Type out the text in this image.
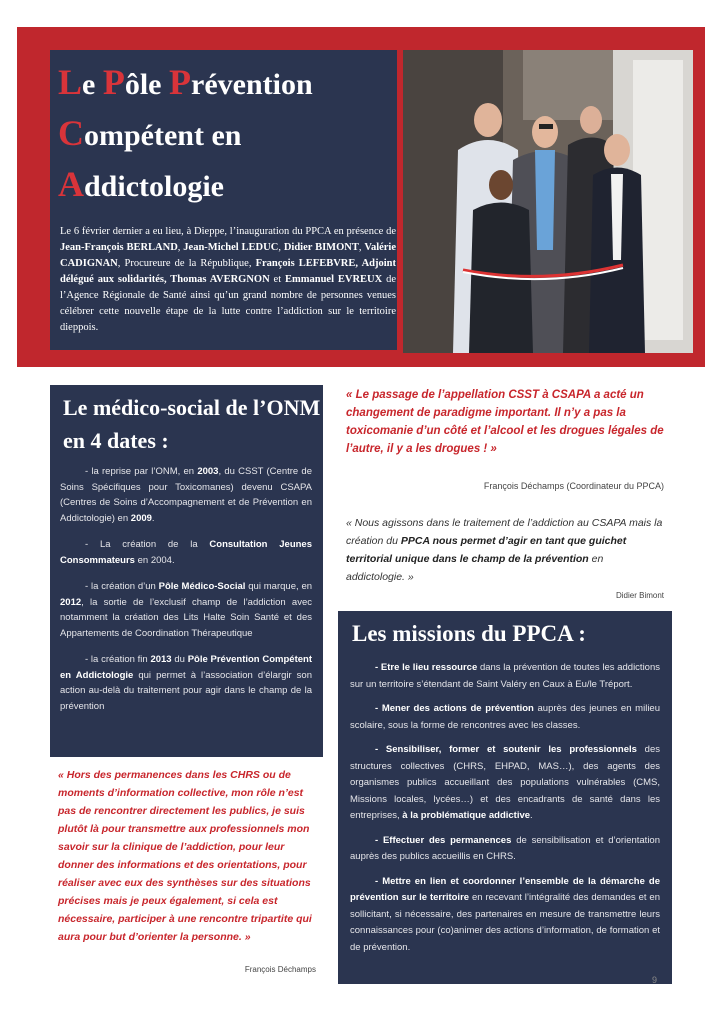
Le Pôle Prévention
Compétent en
Addictologie
Le 6 février dernier a eu lieu, à Dieppe, l’inauguration du PPCA en présence de Jean-François BERLAND, Jean-Michel LEDUC, Didier BIMONT, Valérie CADIGNAN, Procureure de la République, François LEFEBVRE, Adjoint délégué aux solidarités, Thomas AVERGNON et Emmanuel EVREUX de l’Agence Régionale de Santé ainsi qu’un grand nombre de personnes venues célébrer cette nouvelle étape de la lutte contre l’addiction sur le territoire dieppois.
Le médico-social de l’ONM en 4 dates :

- la reprise par l’ONM, en 2003, du CSST (Centre de Soins Spécifiques pour Toxicomanes) devenu CSAPA (Centres de Soins d’Accompagnement et de Prévention en Addictologie) en 2009.

- La création de la Consultation Jeunes Consommateurs en 2004.

- la création d’un Pôle Médico-Social qui marque, en 2012, la sortie de l’exclusif champ de l’addiction avec notamment la création des Lits Halte Soin Santé et des Appartements de Coordination Thérapeutique

- la création fin 2013 du Pôle Prévention Compétent en Addictologie qui permet à l’association d’élargir son action au-delà du traitement pour agir dans le champ de la prévention

« Le passage de l’appellation CSST à CSAPA a acté un changement de paradigme important. Il n’y a pas la toxicomanie d’un côté et l’alcool et les drogues légales de l’autre, il y a les drogues ! »
François Déchamps (Coordinateur du PPCA)
« Nous agissons dans le traitement de l’addiction au CSAPA mais la création du PPCA nous permet d’agir en tant que guichet territorial unique dans le champ de la prévention en addictologie. »
Didier Bimont
Les missions du PPCA :

- Etre le lieu ressource dans la prévention de toutes les addictions sur un territoire s’étendant de Saint Valéry en Caux à Eu/le Tréport.

- Mener des actions de prévention auprès des jeunes en milieu scolaire, sous la forme de rencontres avec les classes.

- Sensibiliser, former et soutenir les professionnels des structures collectives (CHRS, EHPAD, MAS…), des agents des organismes publics accueillant des populations vulnérables (CMS, Missions locales, lycées…) et des encadrants de santé dans les entreprises, à la problématique addictive.

- Effectuer des permanences de sensibilisation et d’orientation auprès des publics accueillis en CHRS.

- Mettre en lien et coordonner l’ensemble de la démarche de prévention sur le territoire en recevant l’intégralité des demandes et en sollicitant, si nécessaire, des partenaires en mesure de transmettre leurs connaissances pour (co)animer des actions d’information, de formation et de prévention.

« Hors des permanences dans les CHRS ou de moments d’information collective, mon rôle n’est pas de rencontrer directement les publics, je suis plutôt là pour transmettre aux professionnels mon savoir sur la clinique de l’addiction, pour leur donner des informations et des orientations, pour réaliser avec eux des synthèses sur des situations précises mais je peux également, si cela est nécessaire, participer à une rencontre tripartite qui aura pour but d’orienter la personne. »
François Déchamps
9
